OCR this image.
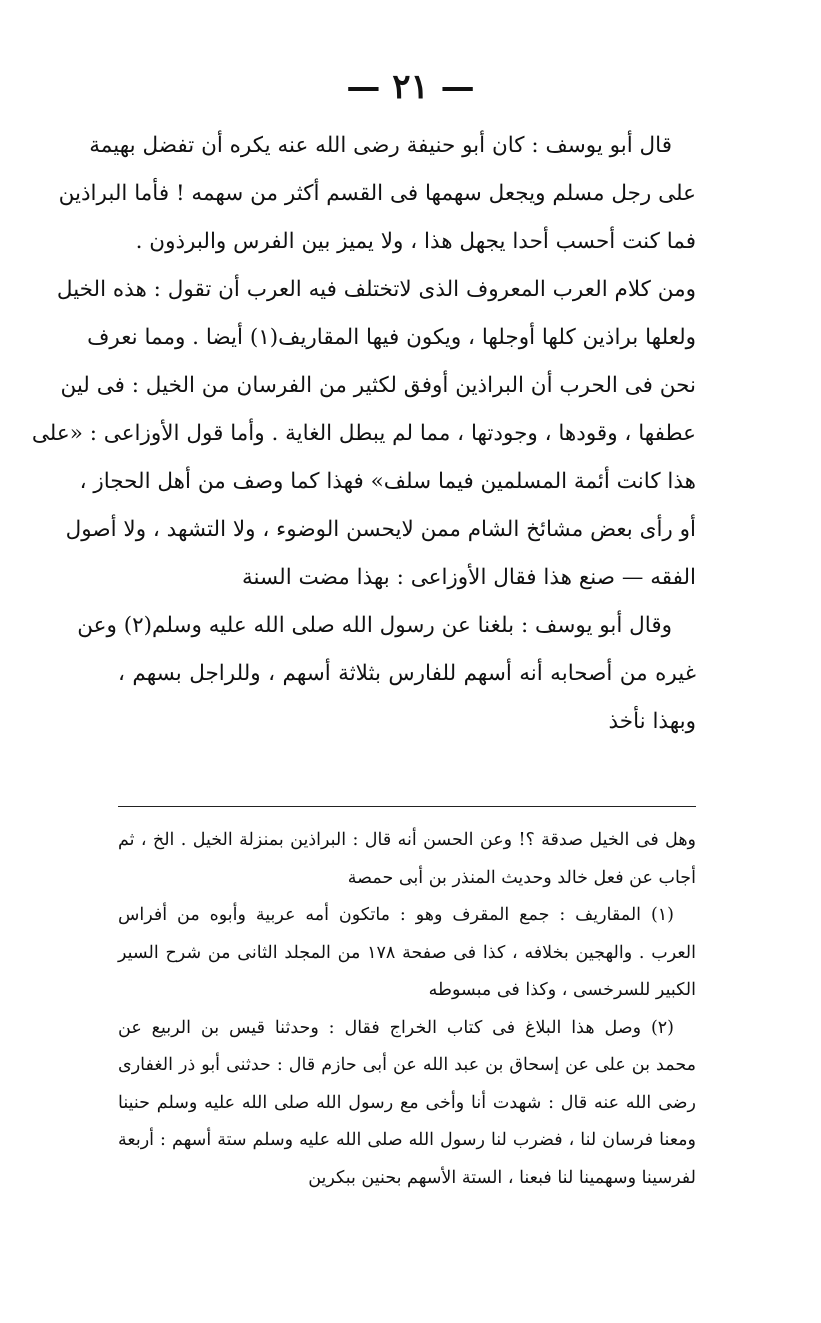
— ٢١ —
قال أبو يوسف : كان أبو حنيفة رضى الله عنه يكره أن تفضل بهيمة
على رجل مسلم ويجعل سهمها فى القسم أكثر من سهمه ! فأما البراذين
فما كنت أحسب أحدا يجهل هذا ، ولا يميز بين الفرس والبرذون .
ومن كلام العرب المعروف الذى لاتختلف فيه العرب أن تقول : هذه الخيل
ولعلها براذين كلها أوجلها ، ويكون فيها المقاريف(١) أيضا . ومما نعرف
نحن فى الحرب أن البراذين أوفق لكثير من الفرسان من الخيل : فى لين
عطفها ، وقودها ، وجودتها ، مما لم يبطل الغاية . وأما قول الأوزاعى : «على
هذا كانت أئمة المسلمين فيما سلف» فهذا كما وصف من أهل الحجاز ،
أو رأى بعض مشائخ الشام ممن لايحسن الوضوء ، ولا التشهد ، ولا أصول
الفقه — صنع هذا فقال الأوزاعى : بهذا مضت السنة
وقال أبو يوسف : بلغنا عن رسول الله صلى الله عليه وسلم(٢) وعن
غيره من أصحابه أنه أسهم للفارس بثلاثة أسهم ، وللراجل بسهم ،
وبهذا نأخذ
وهل فى الخيل صدقة ؟! وعن الحسن أنه قال : البراذين بمنزلة الخيل . الخ ، ثم
أجاب عن فعل خالد وحديث المنذر بن أبى حمصة
(١) المقاريف : جمع المقرف وهو : ماتكون أمه عربية وأبوه من أفراس
العرب . والهجين بخلافه ، كذا فى صفحة ١٧٨ من المجلد الثانى من شرح السير
الكبير للسرخسى ، وكذا فى مبسوطه
(٢) وصل هذا البلاغ فى كتاب الخراج فقال : وحدثنا قيس بن الربيع عن
محمد بن على عن إسحاق بن عبد الله عن أبى حازم قال : حدثنى أبو ذر الغفارى
رضى الله عنه قال : شهدت أنا وأخى مع رسول الله صلى الله عليه وسلم حنينا
ومعنا فرسان لنا ، فضرب لنا رسول الله صلى الله عليه وسلم ستة أسهم : أربعة
لفرسينا وسهمينا لنا فبعنا ، الستة الأسهم بحنين ببكرين
